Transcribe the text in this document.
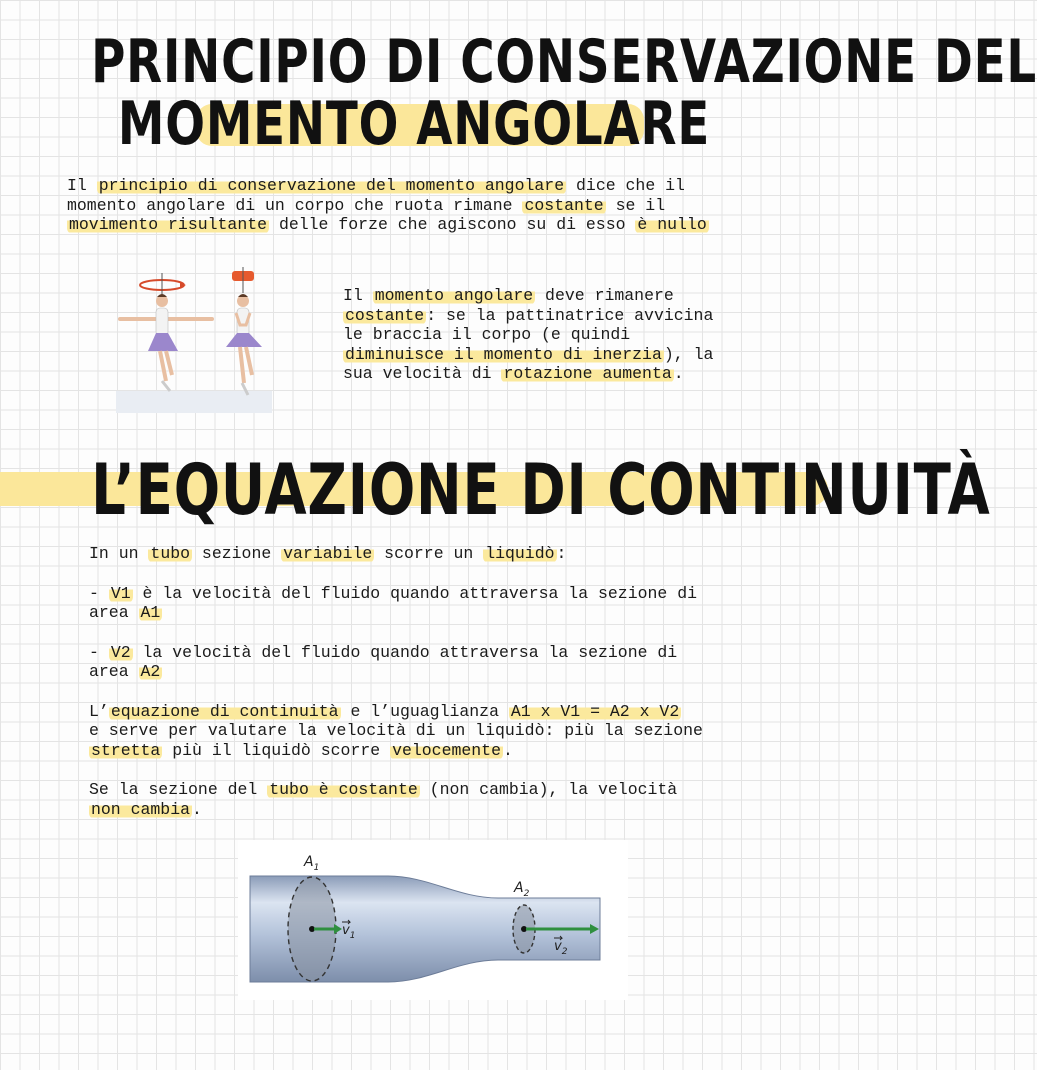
PRINCIPIO DI CONSERVAZIONE DEL
MOMENTO ANGOLARE
Il principio di conservazione del momento angolare dice che il
momento angolare di un corpo che ruota rimane costante se il
movimento risultante delle forze che agiscono su di esso è nullo
Il momento angolare deve rimanere
costante : se la pattinatrice avvicina
le braccia il corpo (e quindi
diminuisce il momento di inerzia ), la
sua velocità di rotazione aumenta .
L’EQUAZIONE DI CONTINUITÀ
In un tubo sezione variabile scorre un liquidò :
- V1 è la velocità del fluido quando attraversa la sezione di
area A1
- V2 la velocità del fluido quando attraversa la sezione di
area A2
L’ equazione di continuità e l’uguaglianza A1 x V1 = A2 x V2
e serve per valutare la velocità di un liquidò: più la sezione
stretta più il liquidò scorre velocemente .
Se la sezione del tubo è costante (non cambia), la velocità
non cambia .
$A_1$
$A_2$
$v_1$
$v_2$
